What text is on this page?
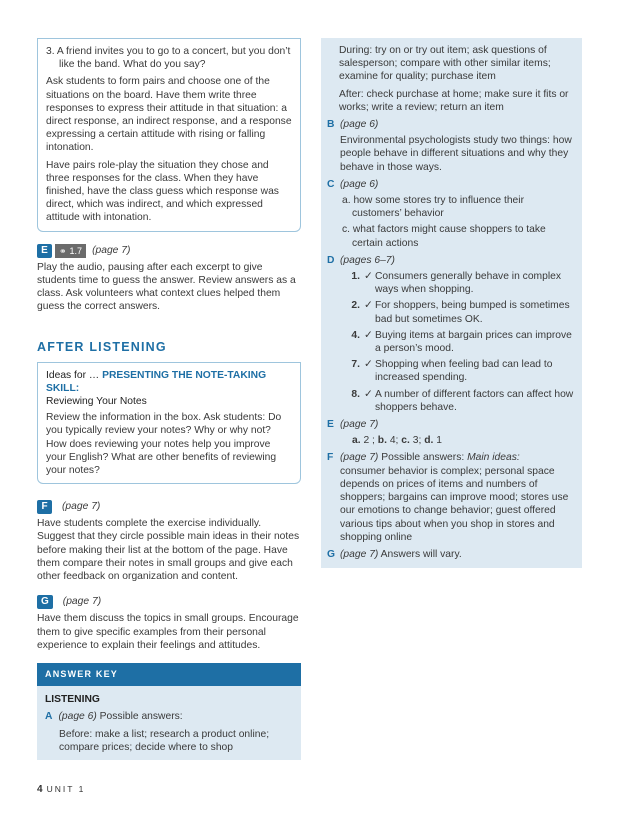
3. A friend invites you to go to a concert, but you don’t like the band. What do you say?

Ask students to form pairs and choose one of the situations on the board. Have them write three responses to express their attitude in that situation: a direct response, an indirect response, and a response expressing a certain attitude with rising or falling intonation.

Have pairs role-play the situation they chose and three responses for the class. When they have finished, have the class guess which response was direct, which was indirect, and which expressed attitude with intonation.

E ⚭ 1.7 (page 7)

Play the audio, pausing after each excerpt to give students time to guess the answer. Review answers as a class. Ask volunteers what context clues helped them guess the correct answers.

AFTER LISTENING
Ideas for … PRESENTING THE NOTE-TAKING SKILL:
Reviewing Your Notes

Review the information in the box. Ask students: Do you typically review your notes? Why or why not? How does reviewing your notes help you improve your English? What are other benefits of reviewing your notes?

F (page 7)

Have students complete the exercise individually. Suggest that they circle possible main ideas in their notes before making their list at the bottom of the page. Have them compare their notes in small groups and give each other feedback on organization and content.

G (page 7)

Have them discuss the topics in small groups. Encourage them to give specific examples from their personal experience to explain their feelings and attitudes.

ANSWER KEY
LISTENING
A (page 6) Possible answers:

Before: make a list; research a product online; compare prices; decide where to shop

During: try on or try out item; ask questions of salesperson; compare with other similar items; examine for quality; purchase item

After: check purchase at home; make sure it fits or works; write a review; return an item

B (page 6)

Environmental psychologists study two things: how people behave in different situations and why they behave in those ways.

C (page 6)

a. how some stores try to influence their customers’ behavior

c. what factors might cause shoppers to take certain actions

D (pages 6–7)
1. ✓ Consumers generally behave in complex ways when shopping.
2. ✓ For shoppers, being bumped is sometimes bad but sometimes OK.
4. ✓ Buying items at bargain prices can improve a person’s mood.
7. ✓ Shopping when feeling bad can lead to increased spending.
8. ✓ A number of different factors can affect how shoppers behave.
E (page 7)

a. 2 ; b. 4; c. 3; d. 1

F (page 7) Possible answers: Main ideas:

consumer behavior is complex; personal space depends on prices of items and numbers of shoppers; bargains can improve mood; stores use our emotions to change behavior; guest offered various tips about when you shop in stores and shopping online

G (page 7) Answers will vary.
4 UNIT 1
